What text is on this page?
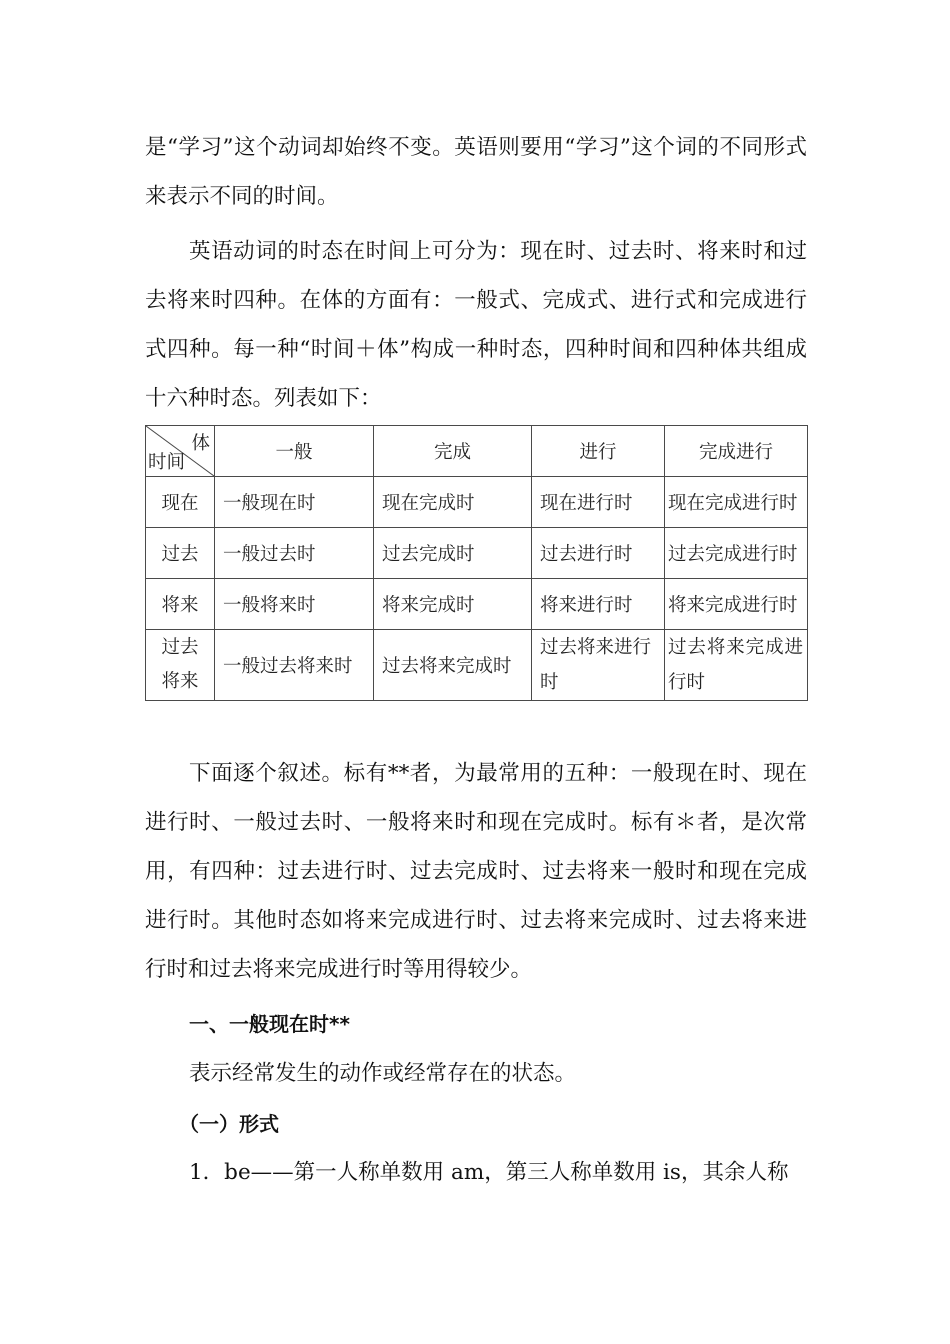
是“学习”这个动词却始终不变。英语则要用“学习”这个词的不同形式来表示不同的时间。

英语动词的时态在时间上可分为：现在时、过去时、将来时和过去将来时四种。在体的方面有：一般式、完成式、进行式和完成进行式四种。每一种“时间＋体”构成一种时态，四种时间和四种体共组成十六种时态。列表如下：

体
时间	一般	完成	进行	完成进行
现在	一般现在时	现在完成时	现在进行时	现在完成进行时
过去	一般过去时	过去完成时	过去进行时	过去完成进行时
将来	一般将来时	将来完成时	将来进行时	将来完成进行时

过去
将来	一般过去将来时	过去将来完成时	过去将来进行时	过去将来完成进行时

下面逐个叙述。标有**者，为最常用的五种：一般现在时、现在进行时、一般过去时、一般将来时和现在完成时。标有＊者，是次常用，有四种：过去进行时、过去完成时、过去将来一般时和现在完成进行时。其他时态如将来完成进行时、过去将来完成时、过去将来进行时和过去将来完成进行时等用得较少。

一、一般现在时**

表示经常发生的动作或经常存在的状态。

（一）形式

1．be——第一人称单数用 am，第三人称单数用 is，其余人称
